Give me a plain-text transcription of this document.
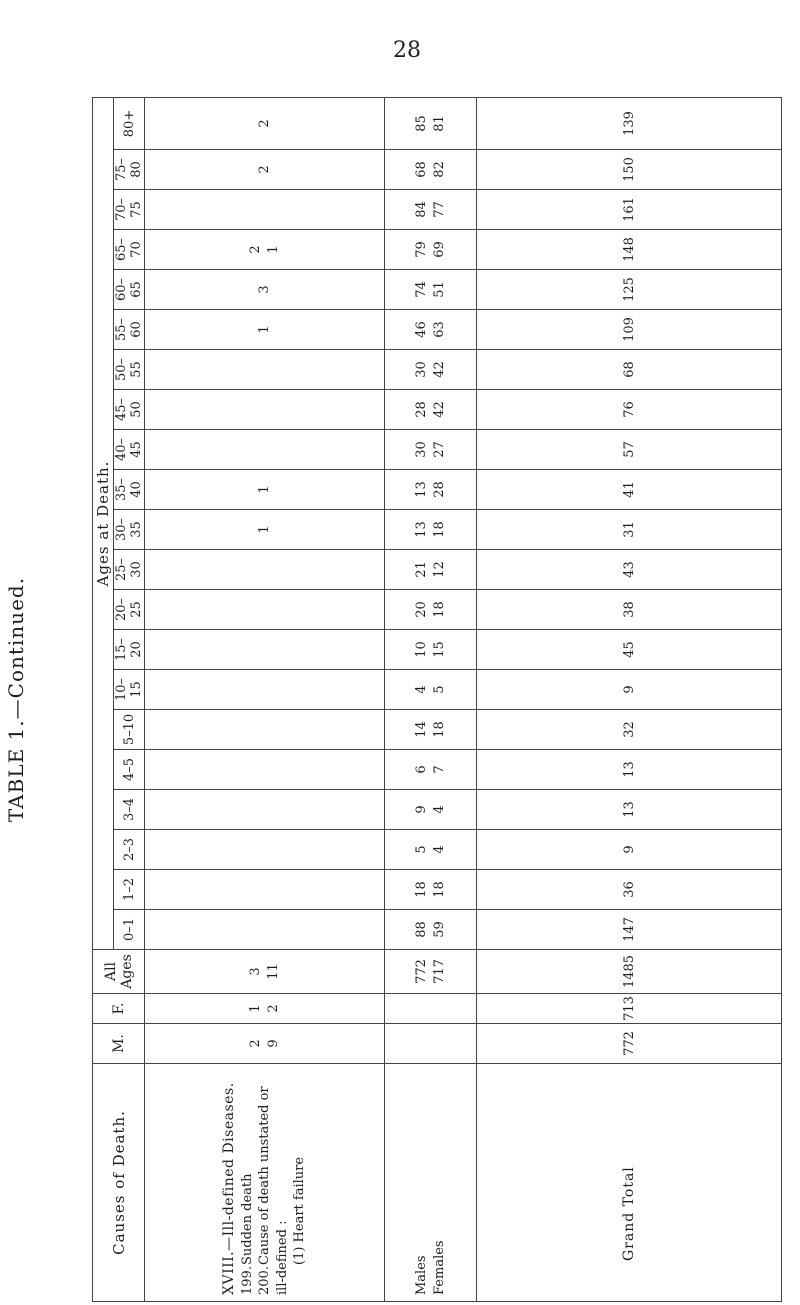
28
TABLE 1.—Continued.
Causes of Death.	M.	F.	All Ages	Ages at Death.																				
				0–1	1–2	2–3	3–4	4–5	5–10	10–15	15–20	20–25	25–30	30–35	35–40	40–45	45–50	50–55	55–60	60–65	65–70	70–75	75–80	80+

XVIII.—Ill-defined Diseases. 199.Sudden death
200.Cause of death unstated or ill-defined : (1) Heart failure	2 9	1 2	3 11											1	1				1	3	2 1		2	2

Males Females			772 717	88 59	18 18	5 4	9 4	6 7	14 18	4 5	10 15	20 18	21 12	13 18	13 28	30 27	28 42	30 42	46 63	74 51	79 69	84 77	68 82	85 81

Grand Total	772	713	1485	147	36	9	13	13	32	9	45	38	43	31	41	57	76	68	109	125	148	161	150	139
